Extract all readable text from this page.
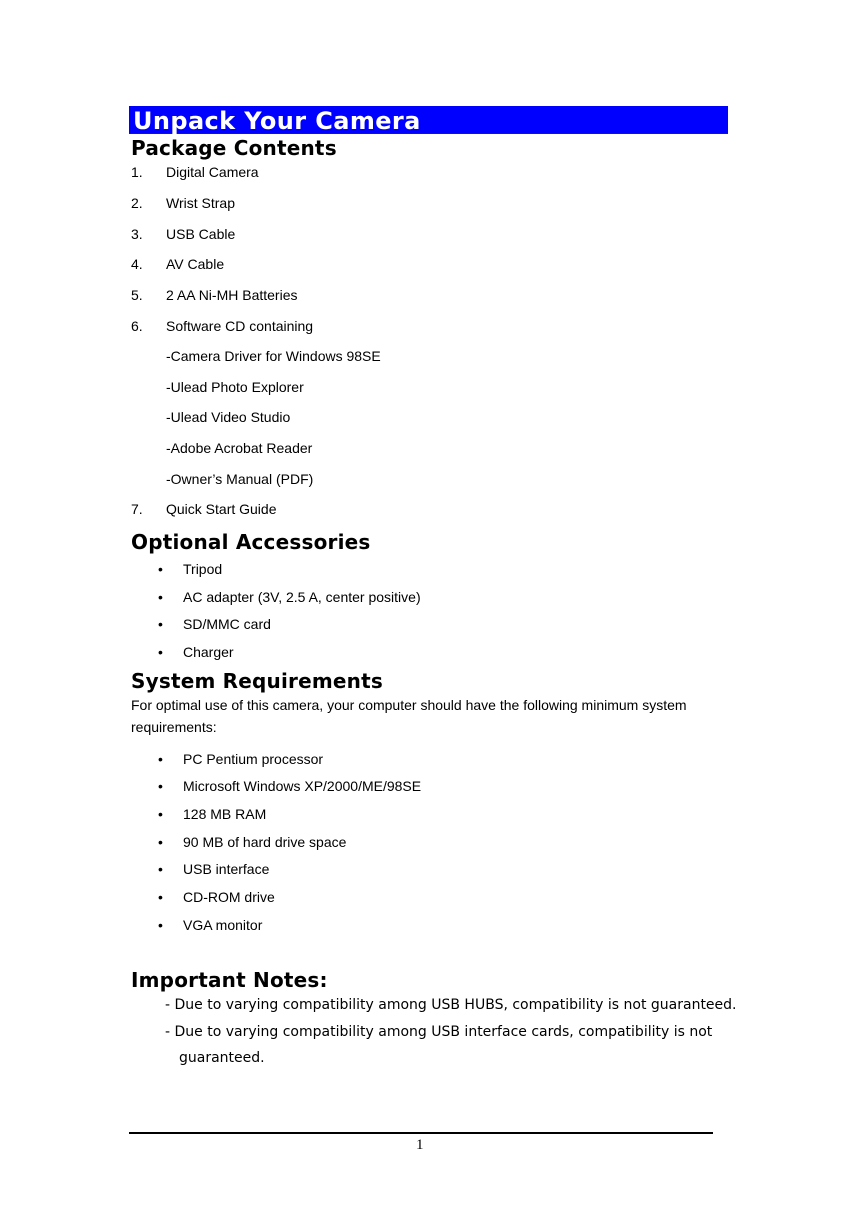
Unpack Your Camera
Package Contents
1. Digital Camera
2. Wrist Strap
3. USB Cable
4. AV Cable
5. 2 AA Ni-MH Batteries
6. Software CD containing
-Camera Driver for Windows 98SE
-Ulead Photo Explorer
-Ulead Video Studio
-Adobe Acrobat Reader
-Owner’s Manual (PDF)
7. Quick Start Guide
Optional Accessories
• Tripod
• AC adapter (3V, 2.5 A, center positive)
• SD/MMC card
• Charger
System Requirements
For optimal use of this camera, your computer should have the following minimum system requirements:
• PC Pentium processor
• Microsoft Windows XP/2000/ME/98SE
• 128 MB RAM
• 90 MB of hard drive space
• USB interface
• CD-ROM drive
• VGA monitor
Important Notes:
- Due to varying compatibility among USB HUBS, compatibility is not guaranteed.
- Due to varying compatibility among USB interface cards, compatibility is not
guaranteed.
1
